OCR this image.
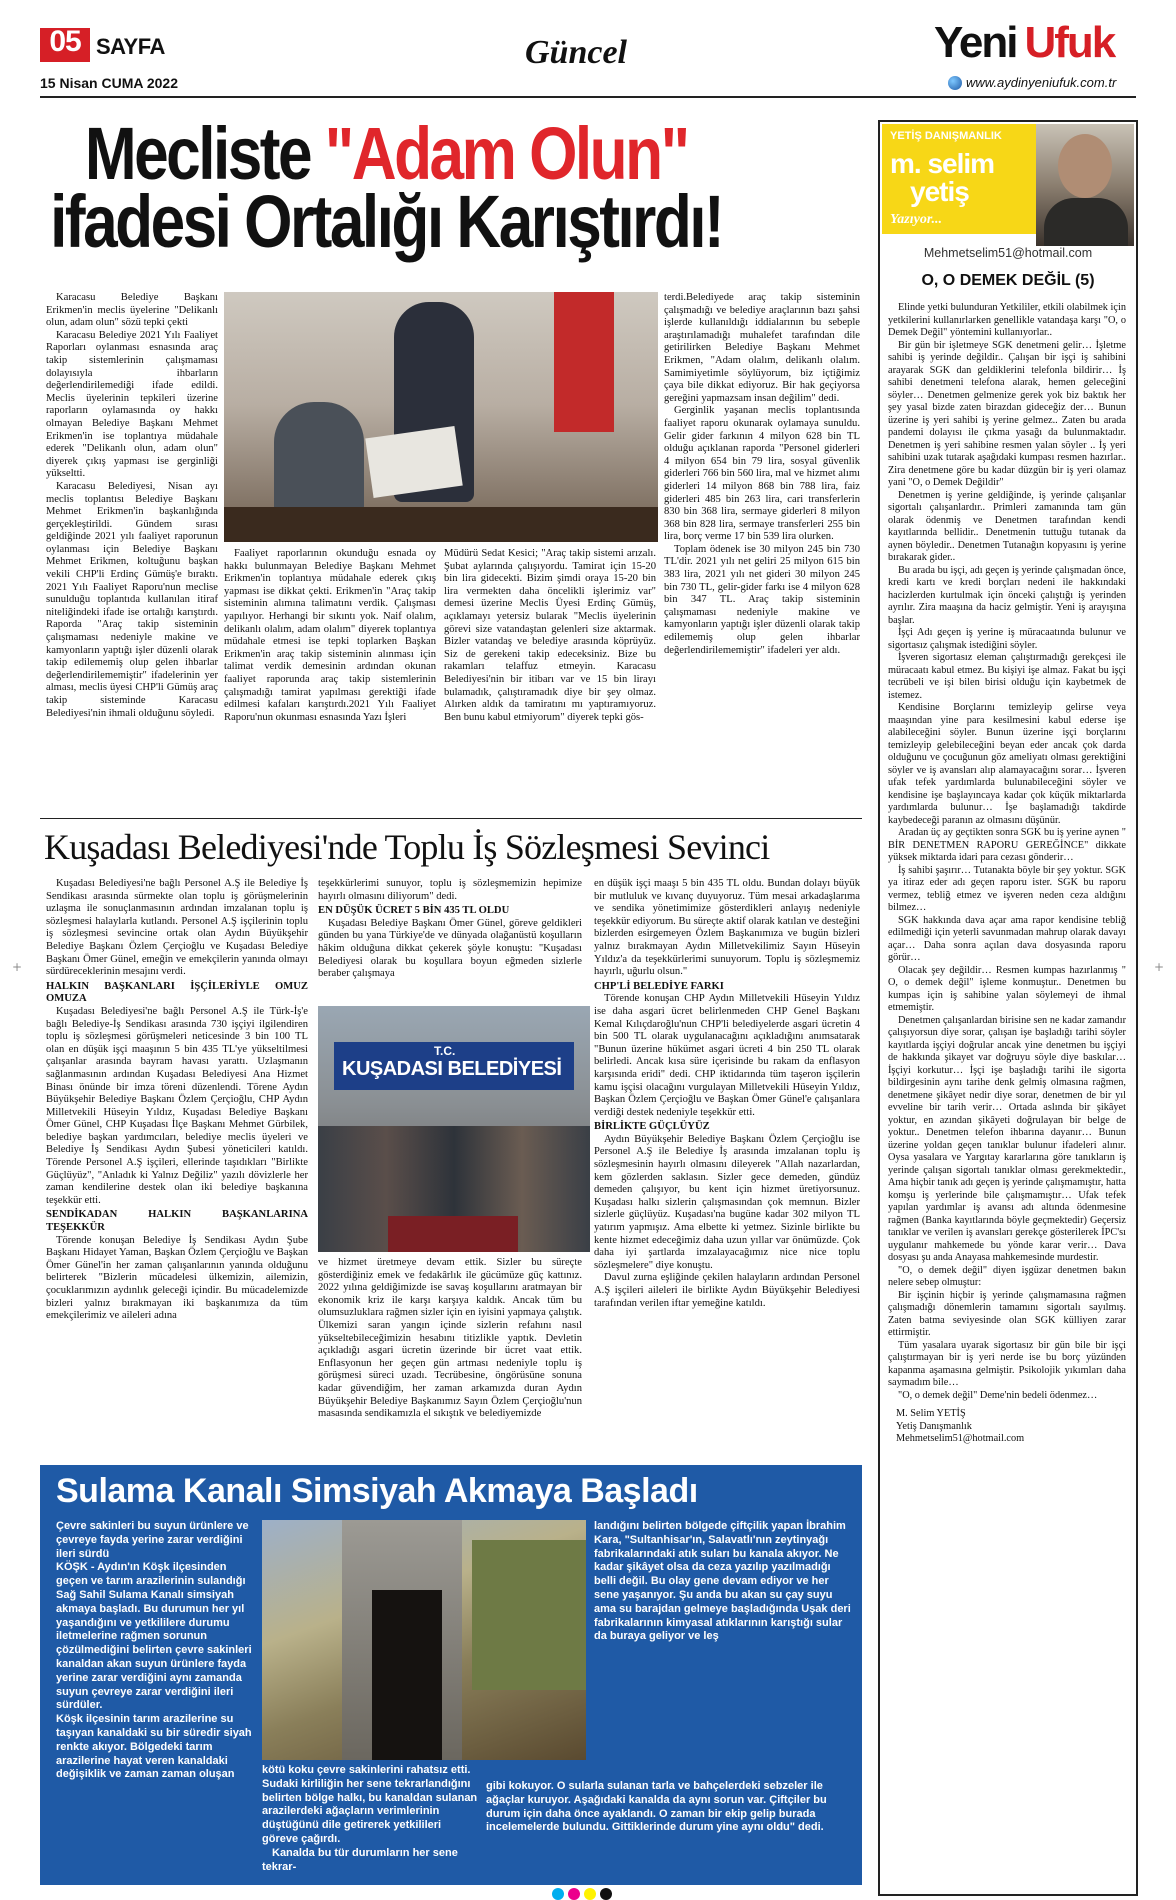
05 SAYFA
15 Nisan CUMA 2022
Güncel	Yeni Ufuk
www.aydinyeniufuk.com.tr
Mecliste "Adam Olun"
ifadesi Ortalığı Karıştırdı!

Karacasu Belediye Başkanı Erikmen'in meclis üyelerine "Delikanlı olun, adam olun" sözü tepki çekti

Karacasu Belediye 2021 Yılı Faaliyet Raporları oylanması esnasında araç takip sistemlerinin çalışmaması dolayısıyla ihbarların değerlendirilemediği ifade edildi. Meclis üyelerinin tepkileri üzerine raporların oylamasında oy hakkı olmayan Belediye Başkanı Mehmet Erikmen'in ise toplantıya müdahale ederek "Delikanlı olun, adam olun" diyerek çıkış yapması ise gerginliği yükseltti.

Karacasu Belediyesi, Nisan ayı meclis toplantısı Belediye Başkanı Mehmet Erikmen'in başkanlığında gerçekleştirildi. Gündem sırası geldiğinde 2021 yılı faaliyet raporunun oylanması için Belediye Başkanı Mehmet Erikmen, koltuğunu başkan vekili CHP'li Erdinç Gümüş'e bıraktı. 2021 Yılı Faaliyet Raporu'nun meclise sunulduğu toplantıda kullanılan itiraf niteliğindeki ifade ise ortalığı karıştırdı. Raporda "Araç takip sisteminin çalışmaması nedeniyle makine ve kamyonların yaptığı işler düzenli olarak takip edilememiş olup gelen ihbarlar değerlendirilememiştir" ifadelerinin yer alması, meclis üyesi CHP'li Gümüş araç takip sisteminde Karacasu Belediyesi'nin ihmali olduğunu söyledi.

Faaliyet raporlarının okunduğu esnada oy hakkı bulunmayan Belediye Başkanı Mehmet Erikmen'in toplantıya müdahale ederek çıkış yapması ise dikkat çekti. Erikmen'in "Araç takip sisteminin alımına talimatını verdik. Çalışması yapılıyor. Herhangi bir sıkıntı yok. Naif olalım, delikanlı olalım, adam olalım" diyerek toplantıya müdahale etmesi ise tepki toplarken Başkan Erikmen'in araç takip sisteminin alınması için talimat verdik demesinin ardından okunan faaliyet raporunda araç takip sistemlerinin çalışmadığı tamirat yapılması gerektiği ifade edilmesi kafaları karıştırdı.2021 Yılı Faaliyet Raporu'nun okunması esnasında Yazı İşleri

Müdürü Sedat Kesici; "Araç takip sistemi arızalı. Şubat aylarında çalışıyordu. Tamirat için 15-20 bin lira gidecekti. Bizim şimdi oraya 15-20 bin lira vermekten daha öncelikli işlerimiz var" demesi üzerine Meclis Üyesi Erdinç Gümüş, açıklamayı yetersiz bularak "Meclis üyelerinin görevi size vatandaştan gelenleri size aktarmak. Bizler vatandaş ve belediye arasında köprüyüz. Siz de gerekeni takip edeceksiniz. Bize bu rakamları telaffuz etmeyin. Karacasu Belediyesi'nin bir itibarı var ve 15 bin lirayı bulamadık, çalıştıramadık diye bir şey olmaz. Alırken aldık da tamiratını mı yaptıramıyoruz. Ben bunu kabul etmiyorum" diyerek tepki gös-

terdi.Belediyede araç takip sisteminin çalışmadığı ve belediye araçlarının bazı şahsi işlerde kullanıldığı iddialarının bu sebeple araştırılamadığı muhalefet tarafından dile getirilirken Belediye Başkanı Mehmet Erikmen, "Adam olalım, delikanlı olalım. Samimiyetimle söylüyorum, biz içtiğimiz çaya bile dikkat ediyoruz. Bir hak geçiyorsa gereğini yapmazsam insan değilim" dedi.

Gerginlik yaşanan meclis toplantısında faaliyet raporu okunarak oylamaya sunuldu. Gelir gider farkının 4 milyon 628 bin TL olduğu açıklanan raporda "Personel giderleri 4 milyon 654 bin 79 lira, sosyal güvenlik giderleri 766 bin 560 lira, mal ve hizmet alımı giderleri 14 milyon 868 bin 788 lira, faiz giderleri 485 bin 263 lira, cari transferlerin 830 bin 368 lira, sermaye giderleri 8 milyon 368 bin 828 lira, sermaye transferleri 255 bin lira, borç verme 17 bin 539 lira olurken.

Toplam ödenek ise 30 milyon 245 bin 730 TL'dir. 2021 yılı net geliri 25 milyon 615 bin 383 lira, 2021 yılı net gideri 30 milyon 245 bin 730 TL, gelir-gider farkı ise 4 milyon 628 bin 347 TL. Araç takip sisteminin çalışmaması nedeniyle makine ve kamyonların yaptığı işler düzenli olarak takip edilememiş olup gelen ihbarlar değerlendirilememiştir" ifadeleri yer aldı.

Kuşadası Belediyesi'nde Toplu İş Sözleşmesi Sevinci

Kuşadası Belediyesi'ne bağlı Personel A.Ş ile Belediye İş Sendikası arasında sürmekte olan toplu iş görüşmelerinin uzlaşma ile sonuçlanmasının ardından imzalanan toplu iş sözleşmesi halaylarla kutlandı. Personel A.Ş işçilerinin toplu iş sözleşmesi sevincine ortak olan Aydın Büyükşehir Belediye Başkanı Özlem Çerçioğlu ve Kuşadası Belediye Başkanı Ömer Günel, emeğin ve emekçilerin yanında olmayı sürdüreceklerinin mesajını verdi.

HALKIN BAŞKANLARI İŞÇİLERİYLE OMUZ OMUZA

Kuşadası Belediyesi'ne bağlı Personel A.Ş ile Türk-İş'e bağlı Belediye-İş Sendikası arasında 730 işçiyi ilgilendiren toplu iş sözleşmesi görüşmeleri neticesinde 3 bin 100 TL olan en düşük işçi maaşının 5 bin 435 TL'ye yükseltilmesi çalışanlar arasında bayram havası yarattı. Uzlaşmanın sağlanmasının ardından Kuşadası Belediyesi Ana Hizmet Binası önünde bir imza töreni düzenlendi. Törene Aydın Büyükşehir Belediye Başkanı Özlem Çerçioğlu, CHP Aydın Milletvekili Hüseyin Yıldız, Kuşadası Belediye Başkanı Ömer Günel, CHP Kuşadası İlçe Başkanı Mehmet Gürbilek, belediye başkan yardımcıları, belediye meclis üyeleri ve Belediye İş Sendikası Aydın Şubesi yöneticileri katıldı. Törende Personel A.Ş işçileri, ellerinde taşıdıkları "Birlikte Güçlüyüz", "Anladık ki Yalnız Değiliz" yazılı dövizlerle her zaman kendilerine destek olan iki belediye başkanına teşekkür etti.

SENDİKADAN HALKIN BAŞKANLARINA TEŞEKKÜR

Törende konuşan Belediye İş Sendikası Aydın Şube Başkanı Hidayet Yaman, Başkan Özlem Çerçioğlu ve Başkan Ömer Günel'in her zaman çalışanlarının yanında olduğunu belirterek "Bizlerin mücadelesi ülkemizin, ailemizin, çocuklarımızın aydınlık geleceği içindir. Bu mücadelemizde bizleri yalnız bırakmayan iki başkanımıza da tüm emekçilerimiz ve aileleri adına

teşekkürlerimi sunuyor, toplu iş sözleşmemizin hepimize hayırlı olmasını diliyorum" dedi.

EN DÜŞÜK ÜCRET 5 BİN 435 TL OLDU

Kuşadası Belediye Başkanı Ömer Günel, göreve geldikleri günden bu yana Türkiye'de ve dünyada olağanüstü koşulların hâkim olduğuna dikkat çekerek şöyle konuştu: "Kuşadası Belediyesi olarak bu koşullara boyun eğmeden sizlerle beraber çalışmaya

T.C.
KUŞADASI BELEDİYESİ

ve hizmet üretmeye devam ettik. Sizler bu süreçte gösterdiğiniz emek ve fedakârlık ile gücümüze güç kattınız. 2022 yılına geldiğimizde ise savaş koşullarını aratmayan bir ekonomik kriz ile karşı karşıya kaldık. Ancak tüm bu olumsuzluklara rağmen sizler için en iyisini yapmaya çalıştık. Ülkemizi saran yangın içinde sizlerin refahını nasıl yükseltebileceğimizin hesabını titizlikle yaptık. Devletin açıkladığı asgari ücretin üzerinde bir ücret vaat ettik. Enflasyonun her geçen gün artması nedeniyle toplu iş görüşmesi süreci uzadı. Tecrübesine, öngörüsüne sonuna kadar güvendiğim, her zaman arkamızda duran Aydın Büyükşehir Belediye Başkanımız Sayın Özlem Çerçioğlu'nun masasında sendikamızla el sıkıştık ve belediyemizde

en düşük işçi maaşı 5 bin 435 TL oldu. Bundan dolayı büyük bir mutluluk ve kıvanç duyuyoruz. Tüm mesai arkadaşlarıma ve sendika yönetimimize gösterdikleri anlayış nedeniyle teşekkür ediyorum. Bu süreçte aktif olarak katılan ve desteğini bizlerden esirgemeyen Özlem Başkanımıza ve bugün bizleri yalnız bırakmayan Aydın Milletvekilimiz Sayın Hüseyin Yıldız'a da teşekkürlerimi sunuyorum. Toplu iş sözleşmemiz hayırlı, uğurlu olsun."

CHP'Lİ BELEDİYE FARKI

Törende konuşan CHP Aydın Milletvekili Hüseyin Yıldız ise daha asgari ücret belirlenmeden CHP Genel Başkanı Kemal Kılıçdaroğlu'nun CHP'li belediyelerde asgari ücretin 4 bin 500 TL olarak uygulanacağını açıkladığını anımsatarak "Bunun üzerine hükümet asgari ücreti 4 bin 250 TL olarak belirledi. Ancak kısa süre içerisinde bu rakam da enflasyon karşısında eridi" dedi. CHP iktidarında tüm taşeron işçilerin kamu işçisi olacağını vurgulayan Milletvekili Hüseyin Yıldız, Başkan Özlem Çerçioğlu ve Başkan Ömer Günel'e çalışanlara verdiği destek nedeniyle teşekkür etti.

BİRLİKTE GÜÇLÜYÜZ

Aydın Büyükşehir Belediye Başkanı Özlem Çerçioğlu ise Personel A.Ş ile Belediye İş arasında imzalanan toplu iş sözleşmesinin hayırlı olmasını dileyerek "Allah nazarlardan, kem gözlerden saklasın. Sizler gece demeden, gündüz demeden çalışıyor, bu kent için hizmet üretiyorsunuz. Kuşadası halkı sizlerin çalışmasından çok memnun. Bizler sizlerle güçlüyüz. Kuşadası'na bugüne kadar 302 milyon TL yatırım yapmışız. Ama elbette ki yetmez. Sizinle birlikte bu kente hizmet edeceğimiz daha uzun yıllar var önümüzde. Çok daha iyi şartlarda imzalayacağımız nice nice toplu sözleşmelere" diye konuştu.

Davul zurna eşliğinde çekilen halayların ardından Personel A.Ş işçileri aileleri ile birlikte Aydın Büyükşehir Belediyesi tarafından verilen iftar yemeğine katıldı.

Sulama Kanalı Simsiyah Akmaya Başladı

Çevre sakinleri bu suyun ürünlere ve çevreye fayda yerine zarar verdiğini ileri sürdü

KÖŞK - Aydın'ın Köşk ilçesinden geçen ve tarım arazilerinin sulandığı Sağ Sahil Sulama Kanalı simsiyah akmaya başladı. Bu durumun her yıl yaşandığını ve yetkililere durumu iletmelerine rağmen sorunun çözülmediğini belirten çevre sakinleri kanaldan akan suyun ürünlere fayda yerine zarar verdiğini aynı zamanda suyun çevreye zarar verdiğini ileri sürdüler.

Köşk ilçesinin tarım arazilerine su taşıyan kanaldaki su bir süredir siyah renkte akıyor. Bölgedeki tarım arazilerine hayat veren kanaldaki değişiklik ve zaman zaman oluşan	kötü koku çevre sakinlerini rahatsız etti. Sudaki kirliliğin her sene tekrarlandığını belirten bölge halkı, bu kanaldan sulanan arazilerdeki ağaçların verimlerinin düştüğünü dile getirerek yetkilileri göreve çağırdı.

Kanalda bu tür durumların her sene tekrar-

landığını belirten bölgede çiftçilik yapan İbrahim Kara, "Sultanhisar'ın, Salavatlı'nın zeytinyağı fabrikalarındaki atık suları bu kanala akıyor. Ne kadar şikâyet olsa da ceza yazılıp yazılmadığı belli değil. Bu olay gene devam ediyor ve her sene yaşanıyor. Şu anda bu akan su çay suyu ama su barajdan gelmeye başladığında Uşak deri fabrikalarının kimyasal atıklarının karıştığı sular da buraya geliyor ve leş

gibi kokuyor. O sularla sulanan tarla ve bahçelerdeki sebzeler ile ağaçlar kuruyor. Aşağıdaki kanalda da aynı sorun var. Çiftçiler bu durum için daha önce ayaklandı. O zaman bir ekip gelip burada incelemelerde bulundu. Gittiklerinde durum yine aynı oldu" dedi.

YETİŞ DANIŞMANLIK
m. selim
yetiş
Yazıyor...
Mehmetselim51@hotmail.com
O, O DEMEK DEĞİL (5)

Elinde yetki bulunduran Yetkililer, etkili olabilmek için yetkilerini kullanırlarken genellikle vatandaşa karşı "O, o Demek Değil" yöntemini kullanıyorlar..

Bir gün bir işletmeye SGK denetmeni gelir… İşletme sahibi iş yerinde değildir.. Çalışan bir işçi iş sahibini arayarak SGK dan geldiklerini telefonla bildirir… İş sahibi denetmeni telefona alarak, hemen geleceğini söyler… Denetmen gelmenize gerek yok biz baktık her şey yasal bizde zaten birazdan gideceğiz der… Bunun üzerine iş yeri sahibi iş yerine gelmez.. Zaten bu arada pandemi dolayısı ile çıkma yasağı da bulunmaktadır. Denetmen iş yeri sahibine resmen yalan söyler .. İş yeri sahibini uzak tutarak aşağıdaki kumpası resmen hazırlar.. Zira denetmene göre bu kadar düzgün bir iş yeri olamaz yani "O, o Demek Değildir"

Denetmen iş yerine geldiğinde, iş yerinde çalışanlar sigortalı çalışanlardır.. Primleri zamanında tam gün olarak ödenmiş ve Denetmen tarafından kendi kayıtlarında bellidir.. Denetmenin tuttuğu tutanak da aynen böyledir.. Denetmen Tutanağın kopyasını iş yerine bırakarak gider..

Bu arada bu işçi, adı geçen iş yerinde çalışmadan önce, kredi kartı ve kredi borçları nedeni ile hakkındaki hacizlerden kurtulmak için önceki çalıştığı iş yerinden ayrılır. Zira maaşına da haciz gelmiştir. Yeni iş arayışına başlar.

İşçi Adı geçen iş yerine iş müracaatında bulunur ve sigortasız çalışmak istediğini söyler.

İşveren sigortasız eleman çalıştırmadığı gerekçesi ile müracaatı kabul etmez. Bu kişiyi işe almaz. Fakat bu işçi tecrübeli ve işi bilen birisi olduğu için kaybetmek de istemez.

Kendisine Borçlarını temizleyip gelirse veya maaşından yine para kesilmesini kabul ederse işe alabileceğini söyler. Bunun üzerine işçi borçlarını temizleyip gelebileceğini beyan eder ancak çok darda olduğunu ve çocuğunun göz ameliyatı olması gerektiğini söyler ve iş avansları alıp alamayacağını sorar… İşveren ufak tefek yardımlarda bulunabileceğini söyler ve kendisine işe başlayıncaya kadar çok küçük miktarlarda yardımlarda bulunur… İşe başlamadığı takdirde kaybedeceği paranın az olmasını düşünür.

Aradan üç ay geçtikten sonra SGK bu iş yerine aynen " BİR DENETMEN RAPORU GEREĞİNCE" dikkate yüksek miktarda idari para cezası gönderir…

İş sahibi şaşırır… Tutanakta böyle bir şey yoktur. SGK ya itiraz eder adı geçen raporu ister. SGK bu raporu vermez, tebliğ etmez ve işveren neden ceza aldığını bilmez…

SGK hakkında dava açar ama rapor kendisine tebliğ edilmediği için yeterli savunmadan mahrup olarak davayı açar… Daha sonra açılan dava dosyasında raporu görür…

Olacak şey değildir… Resmen kumpas hazırlanmış " O, o demek değil" işleme konmuştur.. Denetmen bu kumpas için iş sahibine yalan söylemeyi de ihmal etmemiştir.

Denetmen çalışanlardan birisine sen ne kadar zamandır çalışıyorsun diye sorar, çalışan işe başladığı tarihi söyler kayıtlarda işçiyi doğrular ancak yine denetmen bu işçiyi de hakkında şikayet var doğruyu söyle diye baskılar… İşçiyi korkutur… İşçi işe başladığı tarihi ile sigorta bildirgesinin aynı tarihe denk gelmiş olmasına rağmen, denetmene şikâyet nedir diye sorar, denetmen de bir yıl evveline bir tarih verir… Ortada aslında bir şikâyet yoktur, en azından şikâyeti doğrulayan bir belge de yoktur.. Denetmen telefon ihbarına dayanır… Bunun üzerine yoldan geçen tanıklar bulunur ifadeleri alınır. Oysa yasalara ve Yargıtay kararlarına göre tanıkların iş yerinde çalışan sigortalı tanıklar olması gerekmektedir., Ama hiçbir tanık adı geçen iş yerinde çalışmamıştır, hatta komşu iş yerlerinde bile çalışmamıştır… Ufak tefek yapılan yardımlar iş avansı adı altında ödenmesine rağmen (Banka kayıtlarında böyle geçmektedir) Geçersiz tanıklar ve verilen iş avansları gerekçe gösterilerek İPC'sı uygulanır mahkemede bu yönde karar verir… Dava dosyası şu anda Anayasa mahkemesinde murdestir.

"O, o demek değil" diyen işgüzar denetmen bakın nelere sebep olmuştur:

Bir işçinin hiçbir iş yerinde çalışmamasına rağmen çalışmadığı dönemlerin tamamını sigortalı sayılmış. Zaten batma seviyesinde olan SGK külliyen zarar ettirmiştir.

Tüm yasalara uyarak sigortasız bir gün bile bir işçi çalıştırmayan bir iş yeri nerde ise bu borç yüzünden kapanma aşamasına gelmiştir. Psikolojik yıkımları daha saymadım bile…

"O, o demek değil" Deme'nin bedeli ödenmez…

M. Selim YETİŞ
Yetiş Danışmanlık
Mehmetselim51@hotmail.com
+	+
